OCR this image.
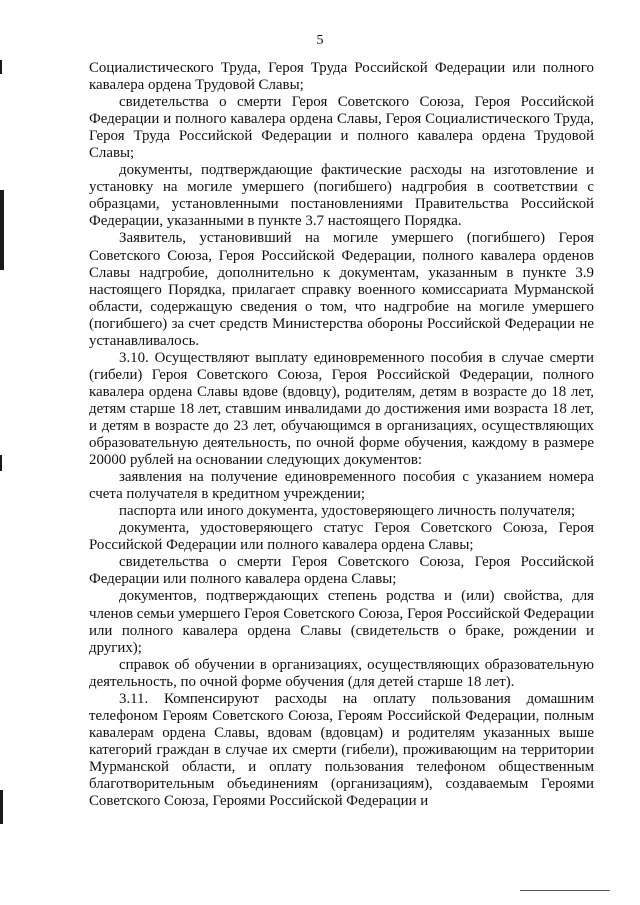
5

Социалистического Труда, Героя Труда Российской Федерации или полного кавалера ордена Трудовой Славы;

свидетельства о смерти Героя Советского Союза, Героя Российской Федерации и полного кавалера ордена Славы, Героя Социалистического Труда, Героя Труда Российской Федерации и полного кавалера ордена Трудовой Славы;

документы, подтверждающие фактические расходы на изготовление и установку на могиле умершего (погибшего) надгробия в соответствии с образцами, установленными постановлениями Правительства Российской Федерации, указанными в пункте 3.7 настоящего Порядка.

Заявитель, установивший на могиле умершего (погибшего) Героя Советского Союза, Героя Российской Федерации, полного кавалера орденов Славы надгробие, дополнительно к документам, указанным в пункте 3.9 настоящего Порядка, прилагает справку военного комиссариата Мурманской области, содержащую сведения о том, что надгробие на могиле умершего (погибшего) за счет средств Министерства обороны Российской Федерации не устанавливалось.

3.10. Осуществляют выплату единовременного пособия в случае смерти (гибели) Героя Советского Союза, Героя Российской Федерации, полного кавалера ордена Славы вдове (вдовцу), родителям, детям в возрасте до 18 лет, детям старше 18 лет, ставшим инвалидами до достижения ими возраста 18 лет, и детям в возрасте до 23 лет, обучающимся в организациях, осуществляющих образовательную деятельность, по очной форме обучения, каждому в размере 20000 рублей на основании следующих документов:

заявления на получение единовременного пособия с указанием номера счета получателя в кредитном учреждении;

паспорта или иного документа, удостоверяющего личность получателя;

документа, удостоверяющего статус Героя Советского Союза, Героя Российской Федерации или полного кавалера ордена Славы;

свидетельства о смерти Героя Советского Союза, Героя Российской Федерации или полного кавалера ордена Славы;

документов, подтверждающих степень родства и (или) свойства, для членов семьи умершего Героя Советского Союза, Героя Российской Федерации или полного кавалера ордена Славы (свидетельств о браке, рождении и других);

справок об обучении в организациях, осуществляющих образовательную деятельность, по очной форме обучения (для детей старше 18 лет).

3.11. Компенсируют расходы на оплату пользования домашним телефоном Героям Советского Союза, Героям Российской Федерации, полным кавалерам ордена Славы, вдовам (вдовцам) и родителям указанных выше категорий граждан в случае их смерти (гибели), проживающим на территории Мурманской области, и оплату пользования телефоном общественным благотворительным объединениям (организациям), создаваемым Героями Советского Союза, Героями Российской Федерации и
